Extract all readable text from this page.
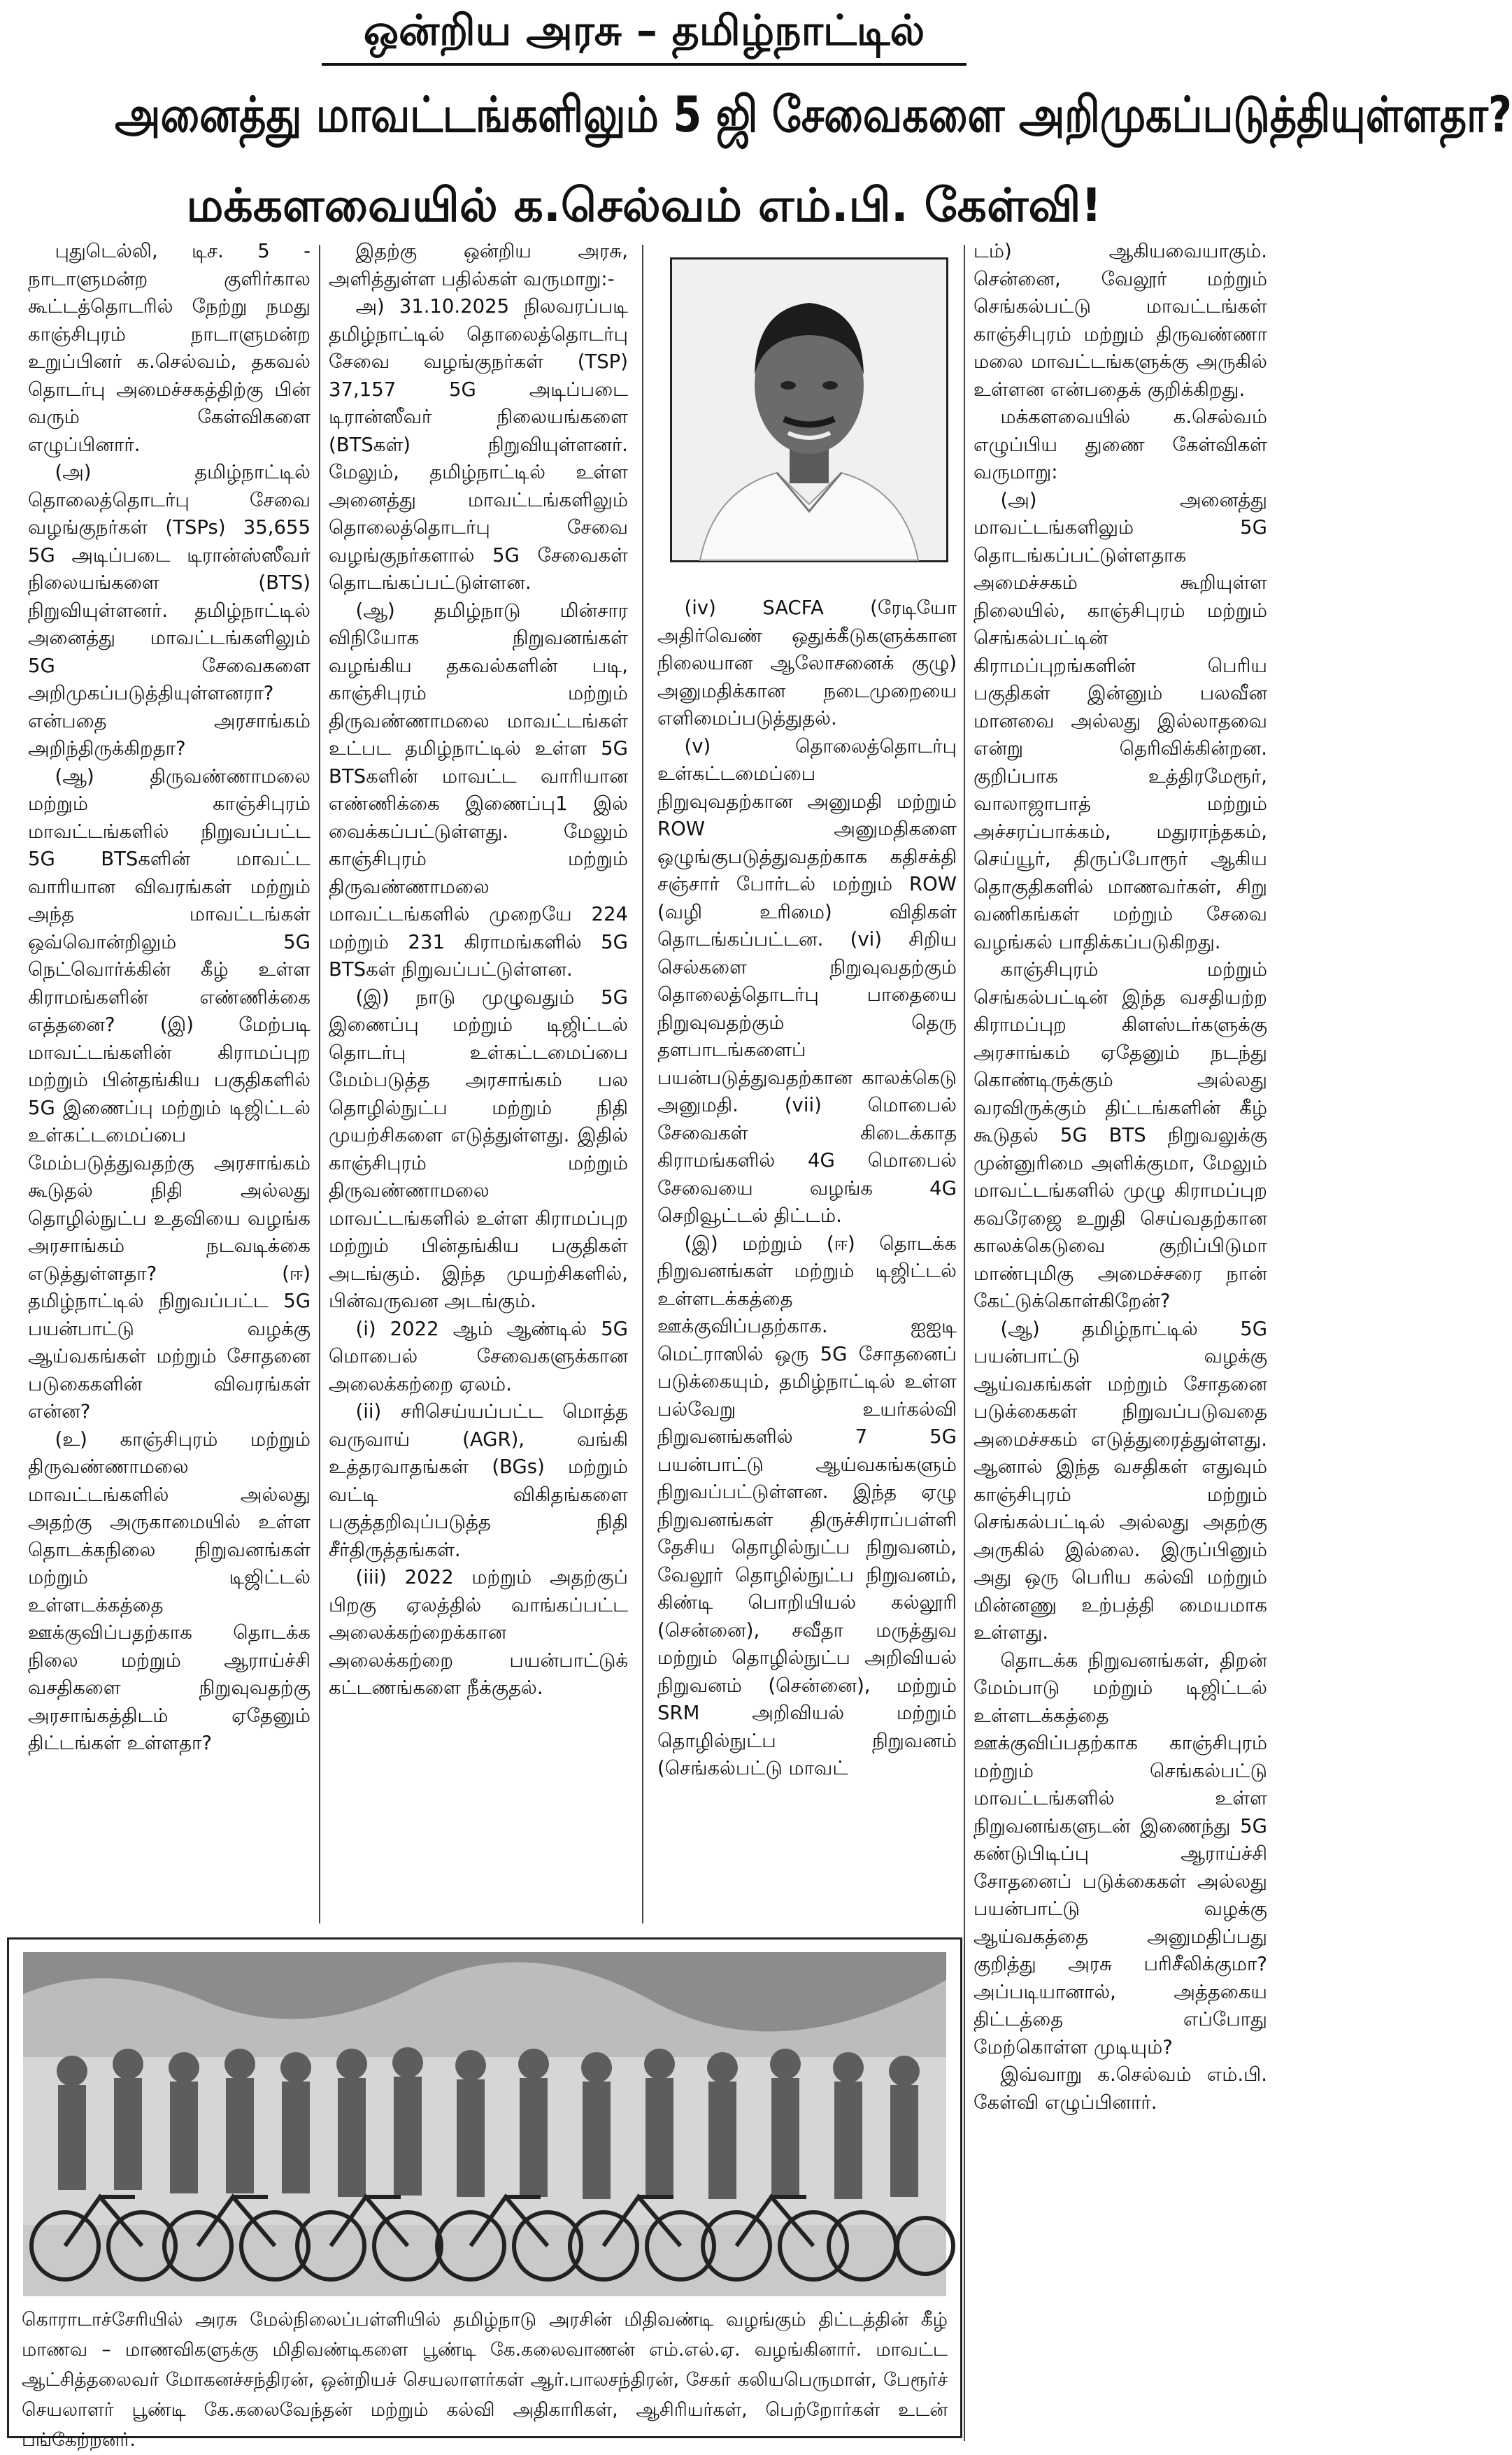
ஒன்றிய அரசு – தமிழ்நாட்டில்
அனைத்து மாவட்டங்களிலும் 5 ஜி சேவைகளை அறிமுகப்படுத்தியுள்ளதா?
மக்களவையில் க.செல்வம் எம்.பி. கேள்வி!

புதுடெல்லி, டிச. 5 - நாடாளுமன்ற குளிர்கால கூட்டத்தொடரில் நேற்று நமது காஞ்சிபுரம் நாடாளுமன்ற உறுப்பினர் க.செல்வம், தகவல் தொடர்பு அமைச்சகத்திற்கு பின் வரும் கேள்விகளை எழுப்பினார்.

(அ) தமிழ்நாட்டில் தொலைத்தொடர்பு சேவை வழங்குநர்கள் (TSPs) 35,655 5G அடிப்படை டிரான்ஸ்ஸீவர் நிலையங்களை (BTS) நிறுவியுள்ளனர். தமிழ்நாட்டில் அனைத்து மாவட்டங்களிலும் 5G சேவைகளை அறிமுகப்படுத்தியுள்ளனரா? என்பதை அரசாங்கம் அறிந்திருக்கிறதா?

(ஆ) திருவண்ணாமலை மற்றும் காஞ்சிபுரம் மாவட்டங்களில் நிறுவப்பட்ட 5G BTSகளின் மாவட்ட வாரியான விவரங்கள் மற்றும் அந்த மாவட்டங்கள் ஒவ்வொன்றிலும் 5G நெட்வொர்க்கின் கீழ் உள்ள கிராமங்களின் எண்ணிக்கை எத்தனை? (இ) மேற்படி மாவட்டங்களின் கிராமப்புற மற்றும் பின்தங்கிய பகுதிகளில் 5G இணைப்பு மற்றும் டிஜிட்டல் உள்கட்டமைப்பை மேம்படுத்துவதற்கு அரசாங்கம் கூடுதல் நிதி அல்லது தொழில்நுட்ப உதவியை வழங்க அரசாங்கம் நடவடிக்கை எடுத்துள்ளதா? (ஈ) தமிழ்நாட்டில் நிறுவப்பட்ட 5G பயன்பாட்டு வழக்கு ஆய்வகங்கள் மற்றும் சோதனை படுகைகளின் விவரங்கள் என்ன?

(உ) காஞ்சிபுரம் மற்றும் திருவண்ணாமலை மாவட்டங்களில் அல்லது அதற்கு அருகாமையில் உள்ள தொடக்கநிலை நிறுவனங்கள் மற்றும் டிஜிட்டல் உள்ளடக்கத்தை ஊக்குவிப்பதற்காக தொடக்க நிலை மற்றும் ஆராய்ச்சி வசதிகளை நிறுவுவதற்கு அரசாங்கத்திடம் ஏதேனும் திட்டங்கள் உள்ளதா?

இதற்கு ஒன்றிய அரசு, அளித்துள்ள பதில்கள் வருமாறு:-

அ) 31.10.2025 நிலவரப்படி தமிழ்நாட்டில் தொலைத்தொடர்பு சேவை வழங்குநர்கள் (TSP) 37,157 5G அடிப்படை டிரான்ஸீவர் நிலையங்களை (BTSகள்) நிறுவியுள்ளனர். மேலும், தமிழ்நாட்டில் உள்ள அனைத்து மாவட்டங்களிலும் தொலைத்தொடர்பு சேவை வழங்குநர்களால் 5G சேவைகள் தொடங்கப்பட்டுள்ளன.

(ஆ) தமிழ்நாடு மின்சார விநியோக நிறுவனங்கள் வழங்கிய தகவல்களின் படி, காஞ்சிபுரம் மற்றும் திருவண்ணாமலை மாவட்டங்கள் உட்பட தமிழ்நாட்டில் உள்ள 5G BTSகளின் மாவட்ட வாரியான எண்ணிக்கை இணைப்பு1 இல் வைக்கப்பட்டுள்ளது. மேலும் காஞ்சிபுரம் மற்றும் திருவண்ணாமலை மாவட்டங்களில் முறையே 224 மற்றும் 231 கிராமங்களில் 5G BTSகள் நிறுவப்பட்டுள்ளன.

(இ) நாடு முழுவதும் 5G இணைப்பு மற்றும் டிஜிட்டல் தொடர்பு உள்கட்டமைப்பை மேம்படுத்த அரசாங்கம் பல தொழில்நுட்ப மற்றும் நிதி முயற்சிகளை எடுத்துள்ளது. இதில் காஞ்சிபுரம் மற்றும் திருவண்ணாமலை மாவட்டங்களில் உள்ள கிராமப்புற மற்றும் பின்தங்கிய பகுதிகள் அடங்கும். இந்த முயற்சிகளில், பின்வருவன அடங்கும்.

(i) 2022 ஆம் ஆண்டில் 5G மொபைல் சேவைகளுக்கான அலைக்கற்றை ஏலம்.

(ii) சரிசெய்யப்பட்ட மொத்த வருவாய் (AGR), வங்கி உத்தரவாதங்கள் (BGs) மற்றும் வட்டி விகிதங்களை பகுத்தறிவுப்படுத்த நிதி சீர்திருத்தங்கள்.

(iii) 2022 மற்றும் அதற்குப் பிறகு ஏலத்தில் வாங்கப்பட்ட அலைக்கற்றைக்கான அலைக்கற்றை பயன்பாட்டுக் கட்டணங்களை நீக்குதல்.

(iv) SACFA (ரேடியோ அதிர்வெண் ஒதுக்கீடுகளுக்கான நிலையான ஆலோசனைக் குழு) அனுமதிக்கான நடைமுறையை எளிமைப்படுத்துதல்.

(v) தொலைத்தொடர்பு உள்கட்டமைப்பை நிறுவுவதற்கான அனுமதி மற்றும் ROW அனுமதிகளை ஒழுங்குபடுத்துவதற்காக கதிசக்தி சஞ்சார் போர்டல் மற்றும் ROW (வழி உரிமை) விதிகள் தொடங்கப்பட்டன. (vi) சிறிய செல்களை நிறுவுவதற்கும் தொலைத்தொடர்பு பாதையை நிறுவுவதற்கும் தெரு தளபாடங்களைப் பயன்படுத்துவதற்கான காலக்கெடு அனுமதி. (vii) மொபைல் சேவைகள் கிடைக்காத கிராமங்களில் 4G மொபைல் சேவையை வழங்க 4G செறிவூட்டல் திட்டம்.

(இ) மற்றும் (ஈ) தொடக்க நிறுவனங்கள் மற்றும் டிஜிட்டல் உள்ளடக்கத்தை ஊக்குவிப்பதற்காக. ஐஐடி மெட்ராஸில் ஒரு 5G சோதனைப் படுக்கையும், தமிழ்நாட்டில் உள்ள பல்வேறு உயர்கல்வி நிறுவனங்களில் 7 5G பயன்பாட்டு ஆய்வகங்களும் நிறுவப்பட்டுள்ளன. இந்த ஏழு நிறுவனங்கள் திருச்சிராப்பள்ளி தேசிய தொழில்நுட்ப நிறுவனம், வேலூர் தொழில்நுட்ப நிறுவனம், கிண்டி பொறியியல் கல்லூரி (சென்னை), சவீதா மருத்துவ மற்றும் தொழில்நுட்ப அறிவியல் நிறுவனம் (சென்னை), மற்றும் SRM அறிவியல் மற்றும் தொழில்நுட்ப நிறுவனம் (செங்கல்பட்டு மாவட்

டம்) ஆகியவையாகும். சென்னை, வேலூர் மற்றும் செங்கல்பட்டு மாவட்டங்கள் காஞ்சிபுரம் மற்றும் திருவண்ணா மலை மாவட்டங்களுக்கு அருகில் உள்ளன என்பதைக் குறிக்கிறது.

மக்களவையில் க.செல்வம் எழுப்பிய துணை கேள்விகள் வருமாறு:

(அ) அனைத்து மாவட்டங்களிலும் 5G தொடங்கப்பட்டுள்ளதாக அமைச்சகம் கூறியுள்ள நிலையில், காஞ்சிபுரம் மற்றும் செங்கல்பட்டின் கிராமப்புறங்களின் பெரிய பகுதிகள் இன்னும் பலவீன மானவை அல்லது இல்லாதவை என்று தெரிவிக்கின்றன. குறிப்பாக உத்திரமேரூர், வாலாஜாபாத் மற்றும் அச்சரப்பாக்கம், மதுராந்தகம், செய்யூர், திருப்போரூர் ஆகிய தொகுதிகளில் மாணவர்கள், சிறு வணிகங்கள் மற்றும் சேவை வழங்கல் பாதிக்கப்படுகிறது.

காஞ்சிபுரம் மற்றும் செங்கல்பட்டின் இந்த வசதியற்ற கிராமப்புற கிளஸ்டர்களுக்கு அரசாங்கம் ஏதேனும் நடந்து கொண்டிருக்கும் அல்லது வரவிருக்கும் திட்டங்களின் கீழ் கூடுதல் 5G BTS நிறுவலுக்கு முன்னுரிமை அளிக்குமா, மேலும் மாவட்டங்களில் முழு கிராமப்புற கவரேஜை உறுதி செய்வதற்கான காலக்கெடுவை குறிப்பிடுமா மாண்புமிகு அமைச்சரை நான் கேட்டுக்கொள்கிறேன்?

(ஆ) தமிழ்நாட்டில் 5G பயன்பாட்டு வழக்கு ஆய்வகங்கள் மற்றும் சோதனை படுக்கைகள் நிறுவப்படுவதை அமைச்சகம் எடுத்துரைத்துள்ளது. ஆனால் இந்த வசதிகள் எதுவும் காஞ்சிபுரம் மற்றும் செங்கல்பட்டில் அல்லது அதற்கு அருகில் இல்லை. இருப்பினும் அது ஒரு பெரிய கல்வி மற்றும் மின்னணு உற்பத்தி மையமாக உள்ளது.

தொடக்க நிறுவனங்கள், திறன் மேம்பாடு மற்றும் டிஜிட்டல் உள்ளடக்கத்தை ஊக்குவிப்பதற்காக காஞ்சிபுரம் மற்றும் செங்கல்பட்டு மாவட்டங்களில் உள்ள நிறுவனங்களுடன் இணைந்து 5G கண்டுபிடிப்பு ஆராய்ச்சி சோதனைப் படுக்கைகள் அல்லது பயன்பாட்டு வழக்கு ஆய்வகத்தை அனுமதிப்பது குறித்து அரசு பரிசீலிக்குமா? அப்படியானால், அத்தகைய திட்டத்தை எப்போது மேற்கொள்ள முடியும்?

இவ்வாறு க.செல்வம் எம்.பி. கேள்வி எழுப்பினார்.

கொராடாச்சேரியில் அரசு மேல்நிலைப்பள்ளியில் தமிழ்நாடு அரசின் மிதிவண்டி வழங்கும் திட்டத்தின் கீழ் மாணவ – மாணவிகளுக்கு மிதிவண்டிகளை பூண்டி கே.கலைவாணன் எம்.எல்.ஏ. வழங்கினார். மாவட்ட ஆட்சித்தலைவர் மோகனச்சந்திரன், ஒன்றியச் செயலாளர்கள் ஆர்.பாலசந்திரன், சேகர் கலியபெருமாள், பேரூர்ச் செயலாளர் பூண்டி கே.கலைவேந்தன் மற்றும் கல்வி அதிகாரிகள், ஆசிரியர்கள், பெற்றோர்கள் உடன் பங்கேற்றனர்.
